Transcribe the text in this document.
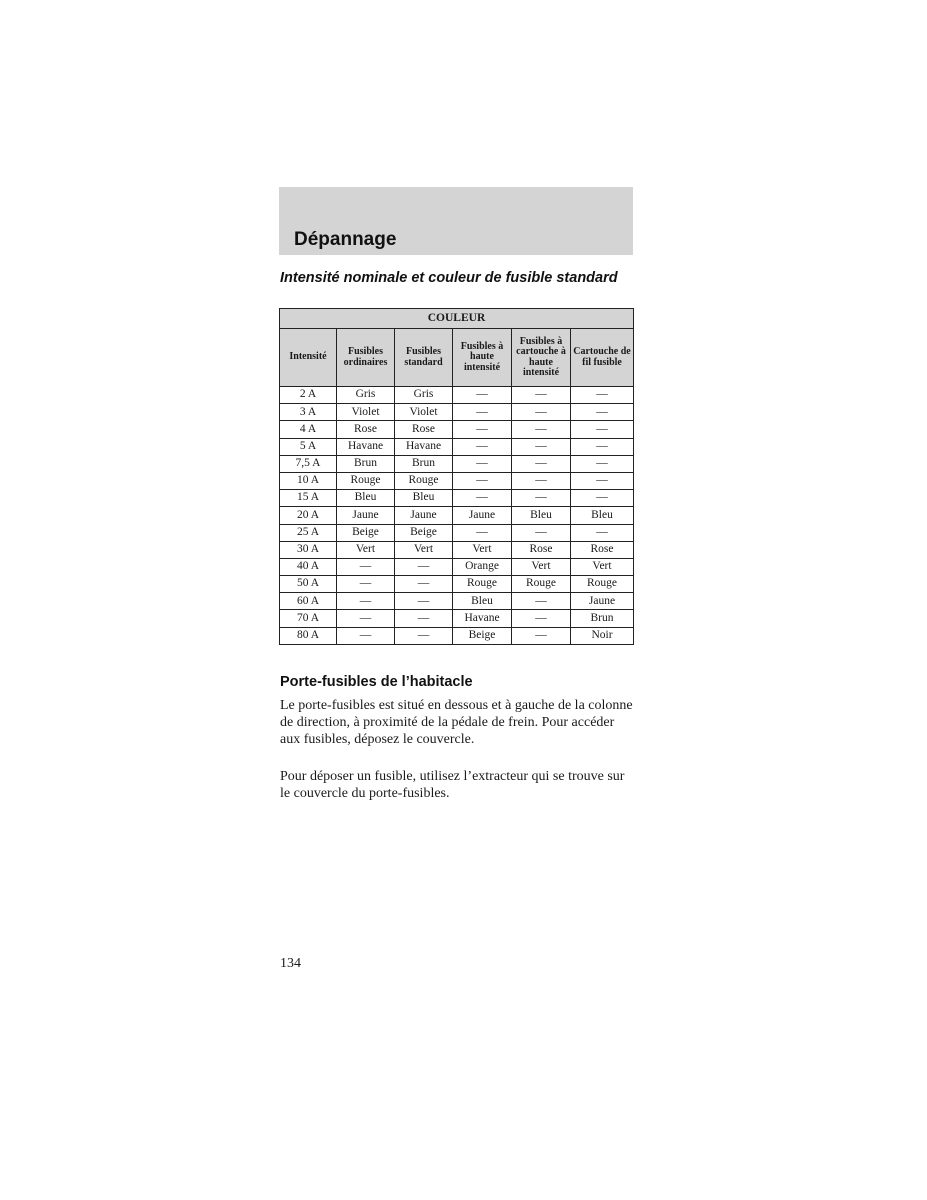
Dépannage
Intensité nominale et couleur de fusible standard
COULEUR					
Intensité	Fusibles ordinaires	Fusibles standard	Fusibles à haute intensité	Fusibles à cartouche à haute intensité	Cartouche de fil fusible
2 A	Gris	Gris	—	—	—
3 A	Violet	Violet	—	—	—
4 A	Rose	Rose	—	—	—
5 A	Havane	Havane	—	—	—
7,5 A	Brun	Brun	—	—	—
10 A	Rouge	Rouge	—	—	—
15 A	Bleu	Bleu	—	—	—
20 A	Jaune	Jaune	Jaune	Bleu	Bleu
25 A	Beige	Beige	—	—	—
30 A	Vert	Vert	Vert	Rose	Rose
40 A	—	—	Orange	Vert	Vert
50 A	—	—	Rouge	Rouge	Rouge
60 A	—	—	Bleu	—	Jaune
70 A	—	—	Havane	—	Brun
80 A	—	—	Beige	—	Noir
Porte-fusibles de l’habitacle

Le porte-fusibles est situé en dessous et à gauche de la colonne de direction, à proximité de la pédale de frein. Pour accéder aux fusibles, déposez le couvercle.

Pour déposer un fusible, utilisez l’extracteur qui se trouve sur le couvercle du porte-fusibles.

134
